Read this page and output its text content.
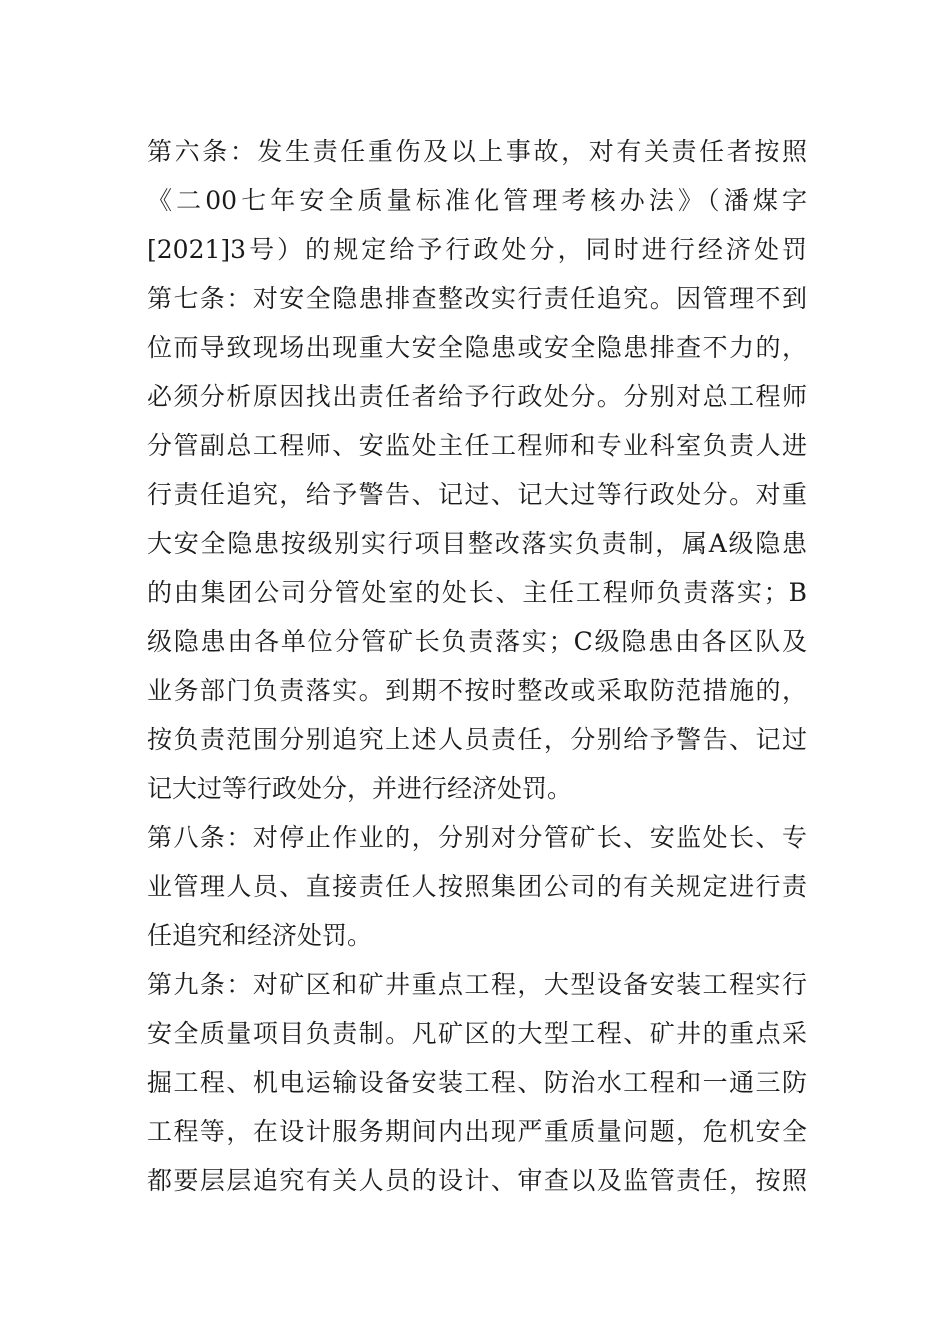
第六条：发生责任重伤及以上事故，对有关责任者按照
《二00七年安全质量标准化管理考核办法》（潘煤字
[2021]3号）的规定给予行政处分，同时进行经济处罚
第七条：对安全隐患排查整改实行责任追究。因管理不到
位而导致现场出现重大安全隐患或安全隐患排查不力的，
必须分析原因找出责任者给予行政处分。分别对总工程师
分管副总工程师、安监处主任工程师和专业科室负责人进
行责任追究，给予警告、记过、记大过等行政处分。对重
大安全隐患按级别实行项目整改落实负责制，属A级隐患
的由集团公司分管处室的处长、主任工程师负责落实；B
级隐患由各单位分管矿长负责落实；C级隐患由各区队及
业务部门负责落实。到期不按时整改或采取防范措施的，
按负责范围分别追究上述人员责任，分别给予警告、记过
记大过等行政处分，并进行经济处罚。
第八条：对停止作业的，分别对分管矿长、安监处长、专
业管理人员、直接责任人按照集团公司的有关规定进行责
任追究和经济处罚。
第九条：对矿区和矿井重点工程，大型设备安装工程实行
安全质量项目负责制。凡矿区的大型工程、矿井的重点采
掘工程、机电运输设备安装工程、防治水工程和一通三防
工程等，在设计服务期间内出现严重质量问题，危机安全
都要层层追究有关人员的设计、审查以及监管责任，按照
